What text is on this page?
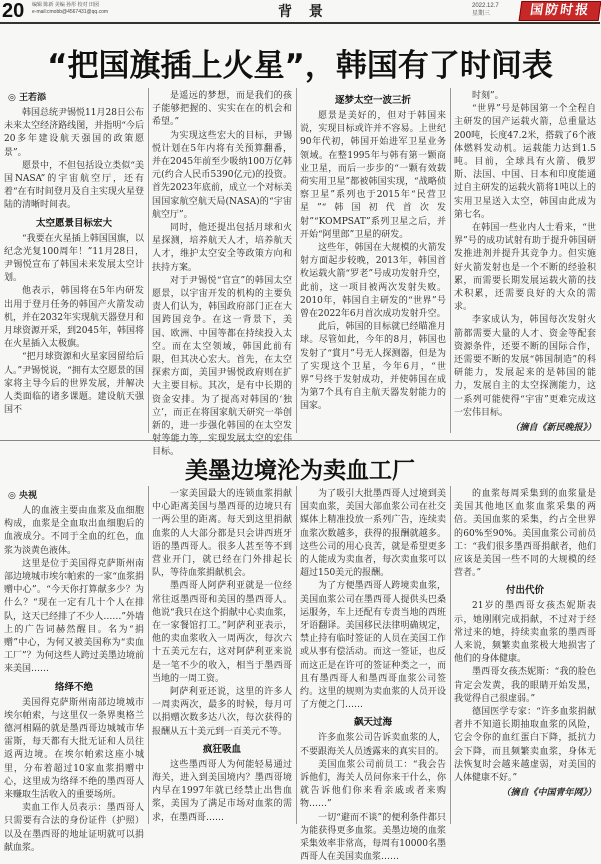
20 编辑 陈新 美编 孙彤 校对 田囡
e-mail:cmobb@4567431@qq.com	背 景	2022.12.7
星期三	国防时报
“把国旗插上火星”，韩国有了时间表
◎ 王若添

韩国总统尹锡悦11月28日公布未来太空经济路线图，并指明“今后20多年建设航天强国的政策愿景”。

愿景中，不但包括设立类似“美国NASA”的宇宙航空厅，还有着“在有时间登月及自主实现火星登陆的清晰时间表。

太空愿景目标宏大

“我要在火星插上韩国国旗，以纪念光复100周年！”11月28日，尹锡悦宣布了韩国未来发展太空计划。

他表示，韩国将在5年内研发出用于登月任务的韩国产火箭发动机，并在2032年实现航天器登月和月球资源开采，到2045年，韩国将在火星插入太极旗。

“把月球资源和火星家园留给后人。”尹锡悦说，“拥有太空愿景的国家将主导今后的世界发展，并解决人类面临的诸多课题。建设航天强国不

是遥远的梦想，而是我们的孩子能够把握的、实实在在的机会和希望。”

为实现这些宏大的目标，尹锡悦计划在5年内将有关预算翻番，并在2045年前至少吸纳100万亿韩元(约合人民币5390亿元)的投资。首先2023年底前，成立一个对标美国国家航空航天局(NASA)的“宇宙航空厅”。

同时，他还提出包括月球和火星探测，培养航天人才，培养航天人才，维护太空安全等政策方向和扶持方案。

对于尹锡悦“官宣”的韩国太空愿景，以宇宙开发的机构的主要负责人们认为，韩国政府部门正在大国跨国竞争。在这一背景下，美国、欧洲、中国等都在持续投入太空。而在太空领域，韩国此前有限，但其决心宏大。首先，在太空探索方面，美国尹锡悦政府则在扩大主要目标。其次，是有中长期的资金安排。为了提高对韩国的‘独立’，而正在将国家航天研究一举创新的，进一步强化韩国的在太空发 目标。

逐梦太空一波三折

愿景是美好的，但对于韩国来说，实现目标或许并不容易。上世纪90年代初，韩国开始进军卫星业务领域。在整1995年与韩有第一颗商业卫星，而后一步步的“一颗有效载荷实用卫星”都被韩国实现，“战略侦察卫星”系列也于2015年“民营卫星”“韩国初代首次发射”“KOMPSAT”系列卫星之后，并开始“阿里郎”卫星的研发。

这些年，韩国在大规模的火箭发射方面起步较晚，2013年，韩国首枚运载火箭“罗老”号成功发射升空，此前，这一项目被两次发射失败。2010年，韩国自主研发的“世界”号曾在2022年6月首次成功发射升空。

此后，韩国的目标就已经瞄准月球。尽管如此，今年的8月，韩国也发射了“賞月”号无人探测器，但是为了实现这个卫星，今年6月，“世界”号终于发射成功，并使韩国在成为第7个具有自主航天器发射能力的国家。

时刻”。

“世界”号是韩国第一个全程自主研发的国产运载火箭，总重量达200吨，长度47.2米，搭载了6个液体燃料发动机。运载能力达到1.5吨。目前，全球具有火箭、俄罗斯、法国、中国、日本和印度能通过自主研发的运载火箭将1吨以上的实用卫星送入太空，韩国由此成为第七名。

在韩国一些业内人士看来，“世界”号的成功试射有助于提升韩国研发推进剂并提升其竞争力。但实施好火箭发射也是一个不断的经验积累，而需要长期发展运载火箭的技术积累，还需要良好的大众的需求。

李家成认为，韩国每次发射火箭都需要大量的人才、资金等配套资源条件，还要不断的国际合作，还需要不断的发展“韩国制造”的科研能力，发展起来的是韩国的能力，发展自主的太空探测能力，这一系列可能使得“宇宙”更难完成这一宏伟目标。

（摘自《新民晚报》）
美墨边境沦为卖血工厂
◎ 央视

人的血液主要由血浆及血细胞构成，血浆是全血取出血细胞后的血液成分。不同于全血的红色，血浆为淡黄色液体。

这里是位于美国得克萨斯州南部边境城市埃尔帕索的一家“血浆捐赠中心”。“今天你打算献多少？为什么？“现在一定有几十个人在排队，这天已经排了不少人……”外墙上的广告词赫然醒目。名为“捐赠”中心，为何又被美国称为“卖血工厂”？为何这些人跨过美墨边境前来美国……

络绎不绝

美国得克萨斯州南部边境城市埃尔帕索，与这里仅一条界奥格兰德河相隔的就是墨西哥边城城市华雷斯，每天都有大批无证和人员往返两边境。在埃尔帕索这座小城里，分布着超过10家血浆捐赠中心，这里成为络绎不绝的墨西哥人来赚取生活收入的重要场所。

卖血工作人员表示：墨西哥人只需要有合法的身份证件（护照）以及在墨西哥的地址证明就可以捐献血浆。

一家美国最大的连锁血浆捐献中心距离美国与墨西哥的边境只有一两公里的距离。每天到这里捐献血浆的人大部分都是只会讲西班牙语的墨西哥人。很多人甚至等不到营业开门，就已经在门外排起长队，等待血浆捐献机会。

墨西哥人阿萨利亚就是一位经常往返墨西哥和美国的墨西哥人。他说“我只在这个捐献中心卖血浆，在一家餐馆打工。”阿萨利亚表示，他的卖血浆收入一周两次，每次六十五美元左右，这对阿萨利亚来说是一笔不少的收入，相当于墨西哥当地的一周工资。

阿萨利亚还说，这里的许多人一周卖两次，最多的时候，每月可以捐赠次数多达八次，每次获得的报酬从五十美元到一百美元不等。

疯狂吸血

这些墨西哥人为何能轻易通过海关，进入到美国境内？墨西哥境内早在1997年就已经禁止出售血浆，美国为了满足市场对血浆的需求，在墨西哥……

为了吸引大批墨西哥人过境到美国卖血浆，美国大部血浆公司在社交媒体上精准投放一系列广告，连续卖血浆次数越多，获得的报酬就越多。这些公司的用心良苦，就是希望更多的人能成为卖血者，每次卖血浆可以超过150美元的报酬。

为了方便墨西哥人跨境卖血浆，美国血浆公司在墨西哥人提供头巴桑运服务，车上还配有专责当地的西班牙语翻译。美国移民法律明确规定，禁止持有临时签证的人员在美国工作或从事有偿活动。而这一签证，也反而这正是在许可的签证种类之一，而且有墨西哥人和墨西哥血浆公司签约。这里的规则为卖血浆的人员开设了方便之门……

飙天过海

许多血浆公司告诉卖血浆的人，不要跟海关人员透露来的真实目的。

美国血浆公司前员工：“我会告诉他们，海关人员问你来干什么，你就告诉他们你来看亲戚或者来购物……”

一切“避而不谈”的便利条件都只为能获得更多血浆。美墨边境的血浆采集效率非常高，每周有10000名墨西哥人在美国卖血浆……

的血浆每周采集到的血浆量是美国其他地区血浆血浆采集的两倍。美国血浆的采集，约占全世界的60%至90%。美国血浆公司前员工：“我们很多墨西哥捐献者，他们应该是美国一些不同的大规模的经营者。”

付出代价

21岁的墨西哥女孩杰妮斯表示，她刚刚完成捐献，不过对于经常过来的她，持续卖血浆的墨西哥人来说，频繁卖血浆极大地损害了他们的身体健康。

墨西哥女孩杰妮斯：“我的脸色肯定会发黄，我的眼睛开始发黑，我觉得自己很虚弱。”

德国医学专家：“许多血浆捐献者并不知道长期抽取血浆的风险，它会令你的血红蛋白下降，抵抗力会下降，而且频繁卖血浆，身体无法恢复时会越来越虚弱，对美国的人体健康不好。”

（摘自《中国青年网》）
